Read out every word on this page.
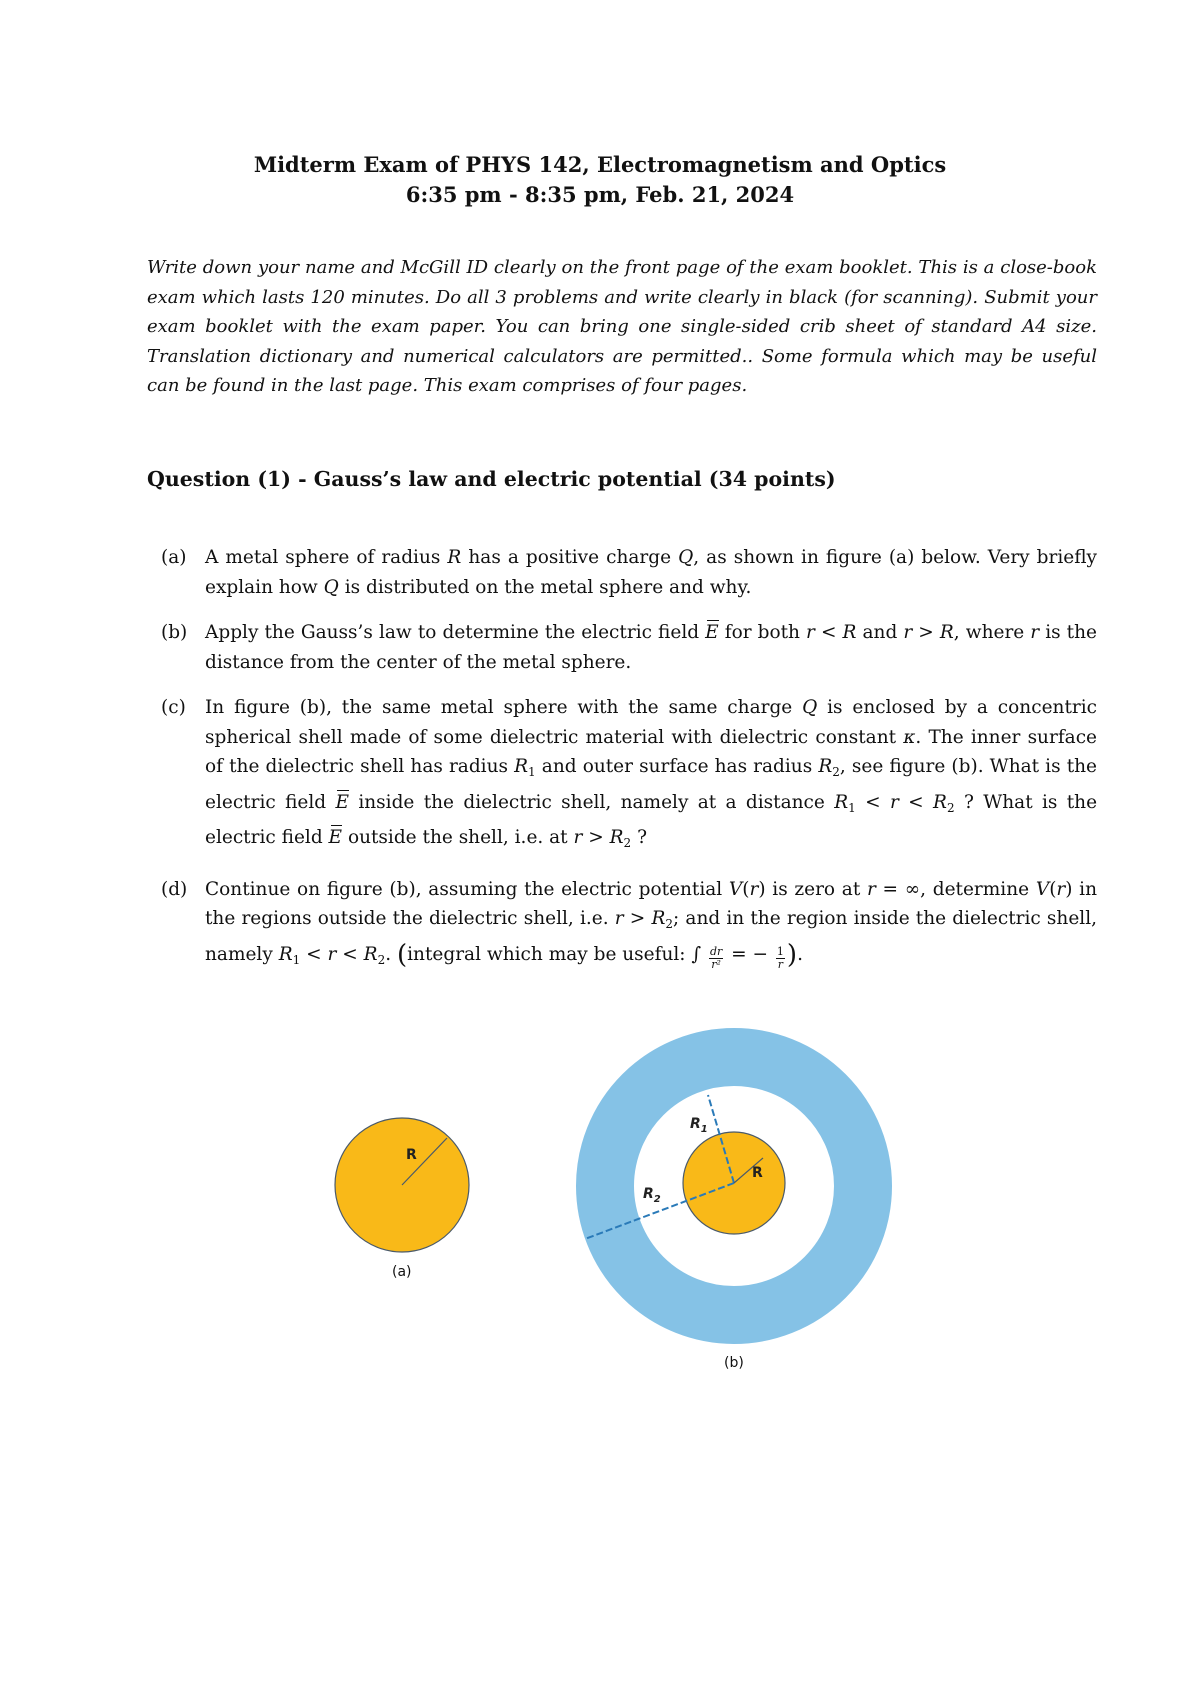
Midterm Exam of PHYS 142, Electromagnetism and Optics
6:35 pm - 8:35 pm, Feb. 21, 2024

Write down your name and McGill ID clearly on the front page of the exam booklet. This is a close-book exam which lasts 120 minutes. Do all 3 problems and write clearly in black (for scanning). Submit your exam booklet with the exam paper. You can bring one single-sided crib sheet of standard A4 size. Translation dictionary and numerical calculators are permitted.. Some formula which may be useful can be found in the last page. This exam comprises of four pages.

Question (1) - Gauss’s law and electric potential (34 points)
(a) A metal sphere of radius R has a positive charge Q, as shown in figure (a) below. Very briefly explain how Q is distributed on the metal sphere and why.
(b) Apply the Gauss’s law to determine the electric field E for both r < R and r > R, where r is the distance from the center of the metal sphere.
(c) In figure (b), the same metal sphere with the same charge Q is enclosed by a concentric spherical shell made of some dielectric material with dielectric constant κ. The inner surface of the dielectric shell has radius $R_1$ and outer surface has radius $R_2$, see figure (b). What is the electric field E inside the dielectric shell, namely at a distance $R_1 < r < R_2$ ? What is the electric field E outside the shell, i.e. at $r > R_2$ ?
(d) Continue on figure (b), assuming the electric potential V(r) is zero at r = ∞, determine V(r) in the regions outside the dielectric shell, i.e. $r > R_2$; and in the region inside the dielectric shell, namely $R_1 < r < R_2$. (integral which may be useful: ∫ $\frac{dr}{\text{r²}}$ = − $\frac{1}{r}$ ).
R
(a)
R
$R_1$
$R_2$
(b)
